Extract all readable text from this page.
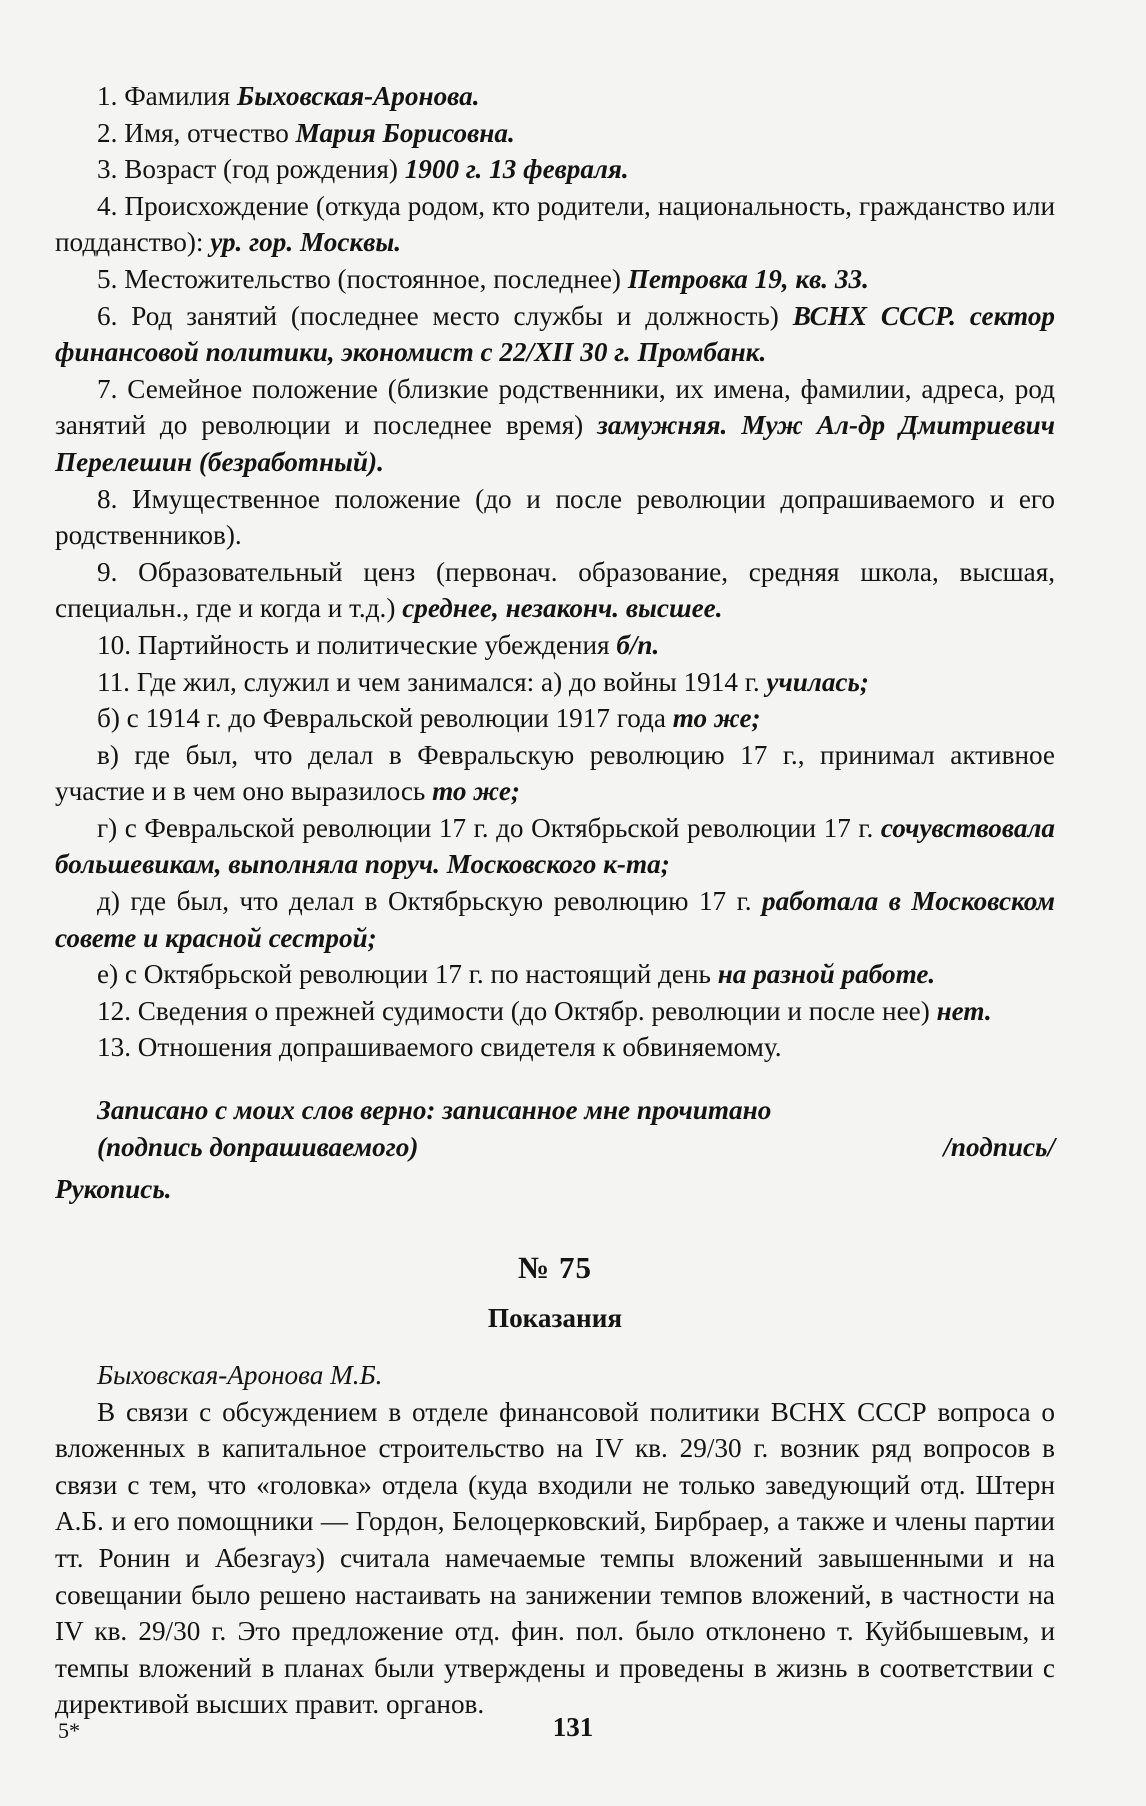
1. Фамилия Быховская-Аронова.

2. Имя, отчество Мария Борисовна.

3. Возраст (год рождения) 1900 г. 13 февраля.

4. Происхождение (откуда родом, кто родители, национальность, гражданство или подданство): ур. гор. Москвы.

5. Местожительство (постоянное, последнее) Петровка 19, кв. 33.

6. Род занятий (последнее место службы и должность) ВСНХ СССР. сектор финансовой политики, экономист с 22/XII 30 г. Промбанк.

7. Семейное положение (близкие родственники, их имена, фамилии, адреса, род занятий до революции и последнее время) замужняя. Муж Ал-др Дмитриевич Перелешин (безработный).

8. Имущественное положение (до и после революции допрашиваемого и его родственников).

9. Образовательный ценз (первонач. образование, средняя школа, высшая, специальн., где и когда и т.д.) среднее, незаконч. высшее.

10. Партийность и политические убеждения б/п.

11. Где жил, служил и чем занимался: а) до войны 1914 г. училась;

б) с 1914 г. до Февральской революции 1917 года то же;

в) где был, что делал в Февральскую революцию 17 г., принимал активное участие и в чем оно выразилось то же;

г) с Февральской революции 17 г. до Октябрьской революции 17 г. сочувствовала большевикам, выполняла поруч. Московского к-та;

д) где был, что делал в Октябрьскую революцию 17 г. работала в Московском совете и красной сестрой;

е) с Октябрьской революции 17 г. по настоящий день на разной работе.

12. Сведения о прежней судимости (до Октябр. революции и после нее) нет.

13. Отношения допрашиваемого свидетеля к обвиняемому.

Записано с моих слов верно: записанное мне прочитано
(подпись допрашиваемого)	/подпись/
Рукопись.
№ 75
Показания
Быховская-Аронова М.Б.

В связи с обсуждением в отделе финансовой политики ВСНХ СССР вопроса о вложенных в капитальное строительство на IV кв. 29/30 г. возник ряд вопросов в связи с тем, что «головка» отдела (куда входили не только заведующий отд. Штерн А.Б. и его помощники — Гордон, Белоцерковский, Бирбраер, а также и члены партии тт. Ронин и Абезгауз) считала намечаемые темпы вложений завышенными и на совещании было решено настаивать на занижении темпов вложений, в частности на IV кв. 29/30 г. Это предложение отд. фин. пол. было отклонено т. Куйбышевым, и темпы вложений в планах были утверждены и проведены в жизнь в соответствии с директивой высших правит. органов.

5*	131
